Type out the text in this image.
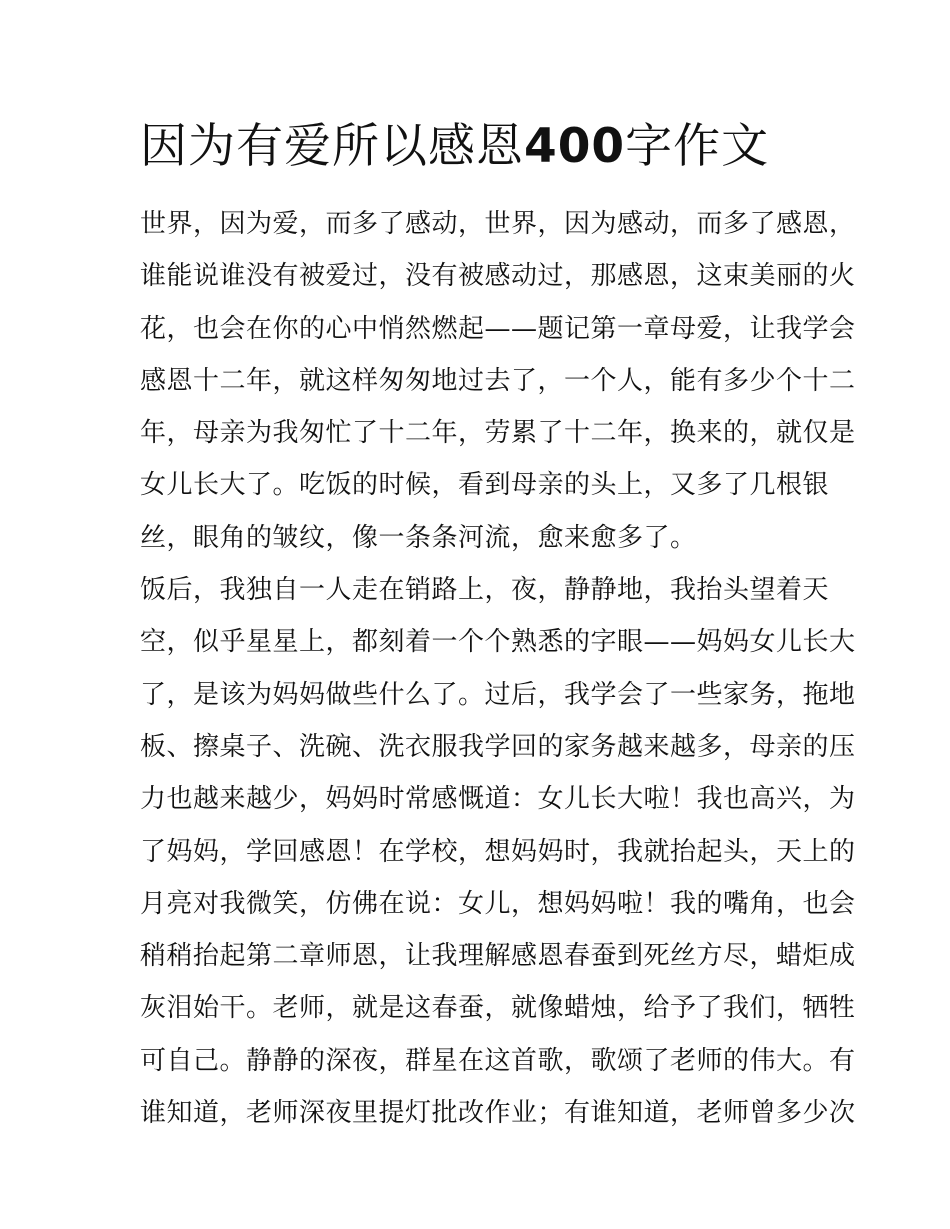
因为有爱所以感恩400字作文
世界，因为爱，而多了感动，世界，因为感动，而多了感恩，
谁能说谁没有被爱过，没有被感动过，那感恩，这束美丽的火
花，也会在你的心中悄然燃起——题记第一章母爱，让我学会
感恩十二年，就这样匆匆地过去了，一个人，能有多少个十二
年，母亲为我匆忙了十二年，劳累了十二年，换来的，就仅是
女儿长大了。吃饭的时候，看到母亲的头上，又多了几根银
丝，眼角的皱纹，像一条条河流，愈来愈多了。
饭后，我独自一人走在销路上，夜，静静地，我抬头望着天
空，似乎星星上，都刻着一个个熟悉的字眼——妈妈女儿长大
了，是该为妈妈做些什么了。过后，我学会了一些家务，拖地
板、擦桌子、洗碗、洗衣服我学回的家务越来越多，母亲的压
力也越来越少，妈妈时常感慨道：女儿长大啦！我也高兴，为
了妈妈，学回感恩！在学校，想妈妈时，我就抬起头，天上的
月亮对我微笑，仿佛在说：女儿，想妈妈啦！我的嘴角，也会
稍稍抬起第二章师恩，让我理解感恩春蚕到死丝方尽，蜡炬成
灰泪始干。老师，就是这春蚕，就像蜡烛，给予了我们，牺牲
可自己。静静的深夜，群星在这首歌，歌颂了老师的伟大。有
谁知道，老师深夜里提灯批改作业；有谁知道，老师曾多少次
